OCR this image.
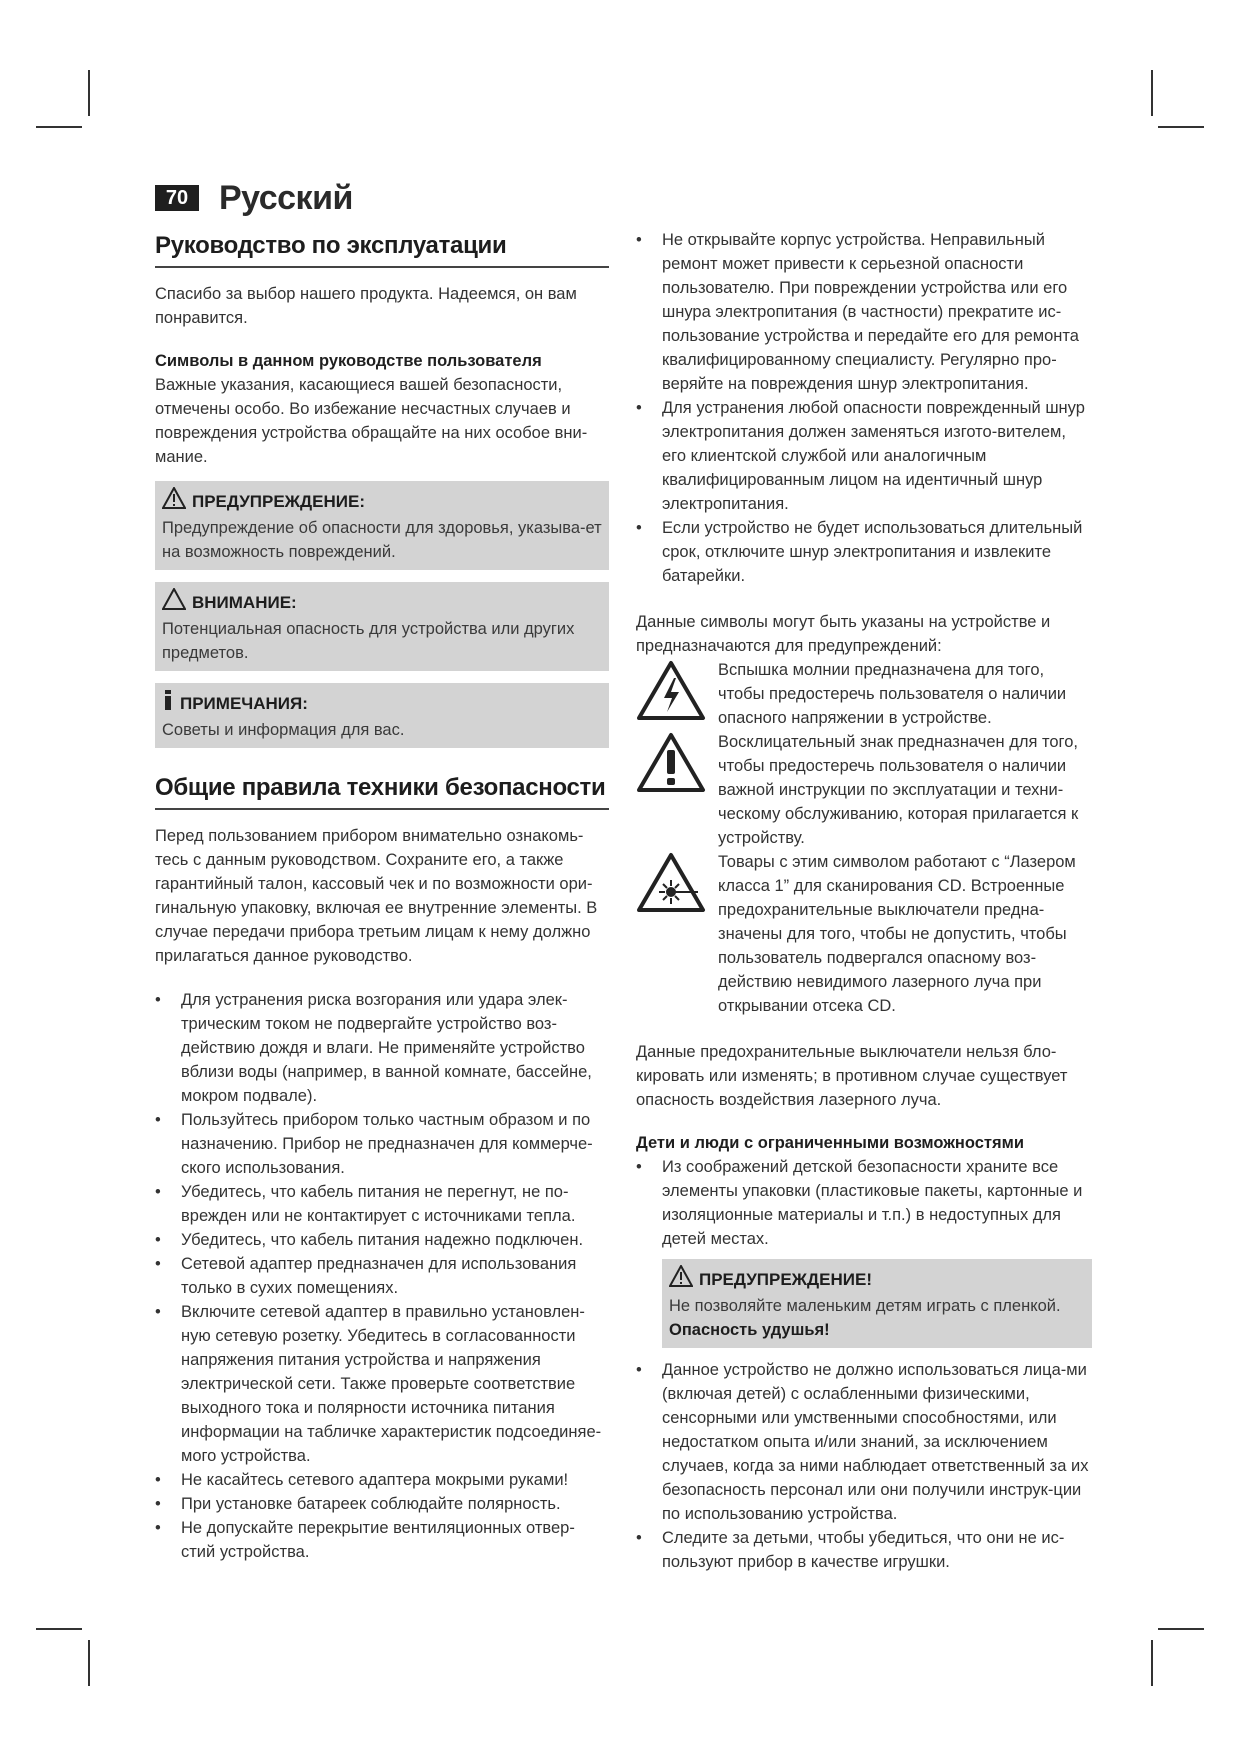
70 Русский
Руководство по эксплуатации

Спасибо за выбор нашего продукта. Надеемся, он вам понравится.

Символы в данном руководстве пользователя

Важные указания, касающиеся вашей безопасности, отмечены особо. Во избежание несчастных случаев и повреждения устройства обращайте на них особое вни-мание.

ПРЕДУПРЕЖДЕНИЕ:
Предупреждение об опасности для здоровья, указыва-ет на возможность повреждений.
ВНИМАНИЕ:
Потенциальная опасность для устройства или других предметов.
ПРИМЕЧАНИЯ:
Советы и информация для вас.
Общие правила техники безопасности

Перед пользованием прибором внимательно ознакомь-тесь с данным руководством. Сохраните его, а также гарантийный талон, кассовый чек и по возможности ори-гинальную упаковку, включая ее внутренние элементы. В случае передачи прибора третьим лицам к нему должно прилагаться данное руководство.

• Для устранения риска возгорания или удара элек-трическим током не подвергайте устройство воз-действию дождя и влаги. Не применяйте устройство вблизи воды (например, в ванной комнате, бассейне, мокром подвале).
• Пользуйтесь прибором только частным образом и по назначению. Прибор не предназначен для коммерче-ского использования.
• Убедитесь, что кабель питания не перегнут, не по-врежден или не контактирует с источниками тепла.
• Убедитесь, что кабель питания надежно подключен.
• Сетевой адаптер предназначен для использования только в сухих помещениях.
• Включите сетевой адаптер в правильно установлен-ную сетевую розетку. Убедитесь в согласованности напряжения питания устройства и напряжения электрической сети. Также проверьте соответствие выходного тока и полярности источника питания информации на табличке характеристик подсоединяе-мого устройства.
• Не касайтесь сетевого адаптера мокрыми руками!
• При установке батареек соблюдайте полярность.
• Не допускайте перекрытие вентиляционных отвер-стий устройства.
• Не открывайте корпус устройства. Неправильный ремонт может привести к серьезной опасности пользователю. При повреждении устройства или его шнура электропитания (в частности) прекратите ис-пользование устройства и передайте его для ремонта квалифицированному специалисту. Регулярно про-веряйте на повреждения шнур электропитания.
• Для устранения любой опасности поврежденный шнур электропитания должен заменяться изгото-вителем, его клиентской службой или аналогичным квалифицированным лицом на идентичный шнур электропитания.
• Если устройство не будет использоваться длительный срок, отключите шнур электропитания и извлеките батарейки.

Данные символы могут быть указаны на устройстве и предназначаются для предупреждений:

Вспышка молнии предназначена для того, чтобы предостеречь пользователя о наличии опасного напряжении в устройстве.
Восклицательный знак предназначен для того, чтобы предостеречь пользователя о наличии важной инструкции по эксплуатации и техни-ческому обслуживанию, которая прилагается к устройству.
Товары с этим символом работают с “Лазером класса 1” для сканирования CD. Встроенные предохранительные выключатели предна-значены для того, чтобы не допустить, чтобы пользователь подвергался опасному воз-действию невидимого лазерного луча при открывании отсека CD.

Данные предохранительные выключатели нельзя бло-кировать или изменять; в противном случае существует опасность воздействия лазерного луча.

Дети и люди с ограниченными возможностями
• Из соображений детской безопасности храните все элементы упаковки (пластиковые пакеты, картонные и изоляционные материалы и т.п.) в недоступных для детей местах.
ПРЕДУПРЕЖДЕНИЕ!
Не позволяйте маленьким детям играть с пленкой.
Опасность удушья!
• Данное устройство не должно использоваться лица-ми (включая детей) с ослабленными физическими, сенсорными или умственными способностями, или недостатком опыта и/или знаний, за исключением случаев, когда за ними наблюдает ответственный за их безопасность персонал или они получили инструк-ции по использованию устройства.
• Следите за детьми, чтобы убедиться, что они не ис-пользуют прибор в качестве игрушки.
